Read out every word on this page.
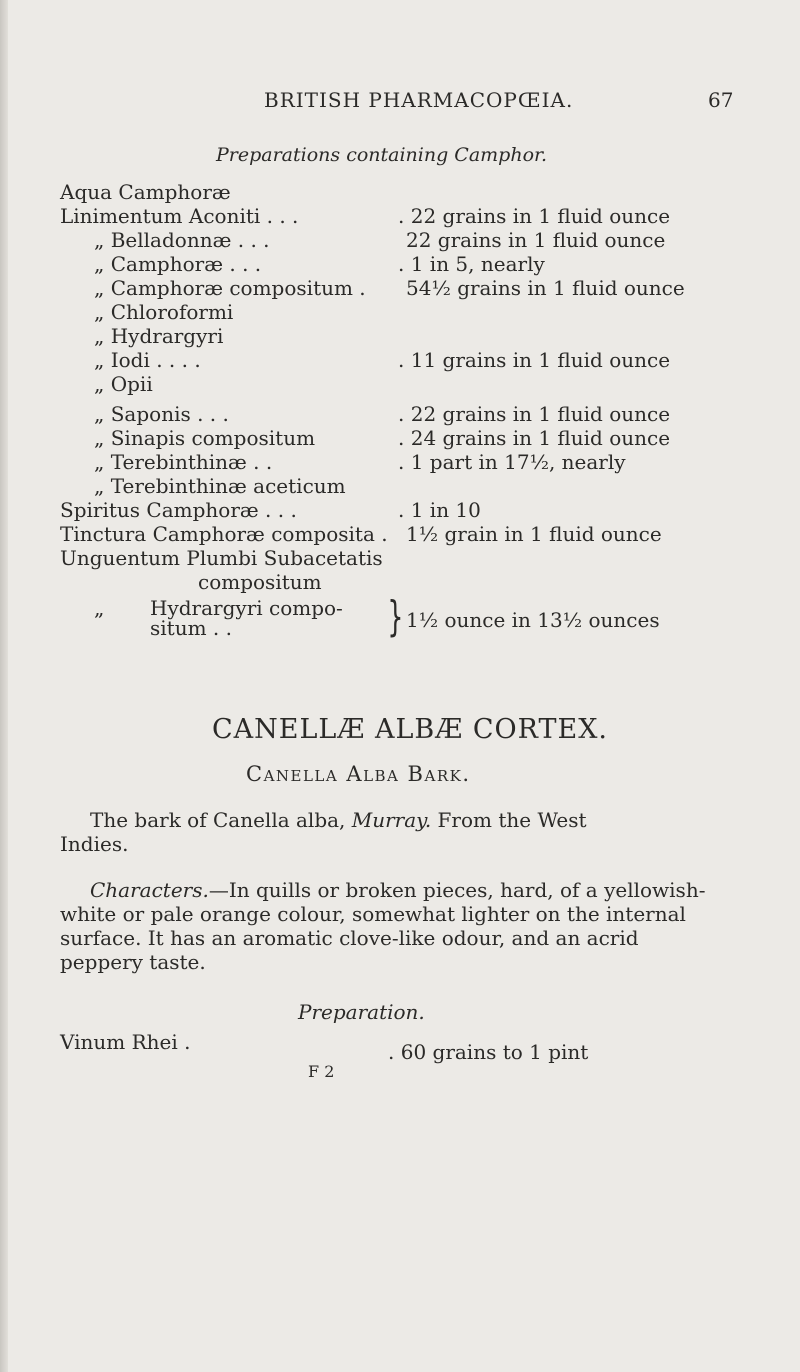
BRITISH PHARMACOPŒIA.	67
Preparations containing Camphor.
Aqua Camphoræ
Linimentum Aconiti . . .	. 22 grains in 1 fluid ounce
„ Belladonnæ . . .	22 grains in 1 fluid ounce
„ Camphoræ . . .	. 1 in 5, nearly
„ Camphoræ compositum . 54½ grains in 1 fluid ounce
„ Chloroformi
„ Hydrargyri
„ Iodi . . . .	. 11 grains in 1 fluid ounce
„ Opii
„ Saponis . . .	. 22 grains in 1 fluid ounce
„ Sinapis compositum	. 24 grains in 1 fluid ounce
„ Terebinthinæ . .	. 1 part in 17½, nearly
„ Terebinthinæ aceticum
Spiritus Camphoræ . . .	. 1 in 10
Tinctura Camphoræ composita . 1½ grain in 1 fluid ounce
Unguentum Plumbi Subacetatis
compositum
„ Hydrargyri compo-
situm . .	} 1½ ounce in 13½ ounces
CANELLÆ ALBÆ CORTEX.
Canella Alba Bark.
The bark of Canella alba, Murray. From the West
Indies.
Characters.—In quills or broken pieces, hard, of a yellowish-
white or pale orange colour, somewhat lighter on the internal
surface. It has an aromatic clove-like odour, and an acrid
peppery taste.
Preparation.
Vinum Rhei .	. 60 grains to 1 pint
F 2
